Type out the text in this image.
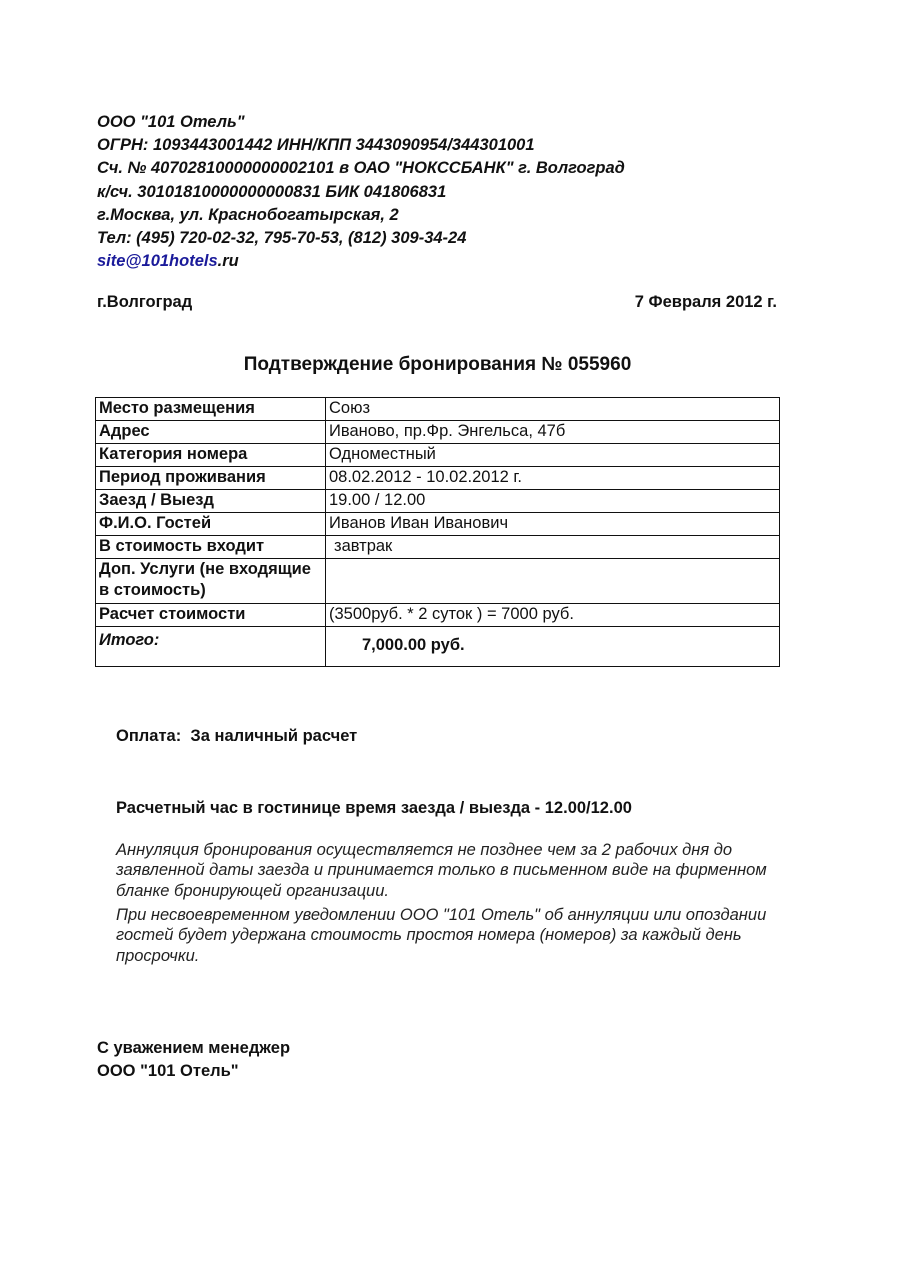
ООО "101 Отель"
ОГРН: 1093443001442 ИНН/КПП 3443090954/344301001
Сч. № 40702810000000002101 в ОАО "НОКССБАНК" г. Волгоград
к/сч. 30101810000000000831 БИК 041806831
г.Москва, ул. Краснобогатырская, 2
Тел: (495) 720-02-32, 795-70-53, (812) 309-34-24
site@101hotels.ru
г.Волгоград	7 Февраля 2012 г.
Подтверждение бронирования № 055960
Место размещения	Союз
Адрес	Иваново, пр.Фр. Энгельса, 47б
Категория номера	Одноместный
Период проживания	08.02.2012 - 10.02.2012 г.
Заезд / Выезд	19.00 / 12.00
Ф.И.О. Гостей	Иванов Иван Иванович
В стоимость входит	завтрак
Доп. Услуги (не входящие в стоимость)	
Расчет стоимости	(3500руб. * 2 суток ) = 7000 руб.
Итого:	7,000.00 руб.
Оплата:  За наличный расчет
Расчетный час в гостинице время заезда / выезда - 12.00/12.00
Аннуляция бронирования осуществляется не позднее чем за 2 рабочих дня до заявленной даты заезда и принимается только в письменном виде на фирменном бланке бронирующей организации.
При несвоевременном уведомлении ООО "101 Отель" об аннуляции или опоздании гостей будет удержана стоимость простоя номера (номеров) за каждый день просрочки.
С уважением менеджер
ООО "101 Отель"
